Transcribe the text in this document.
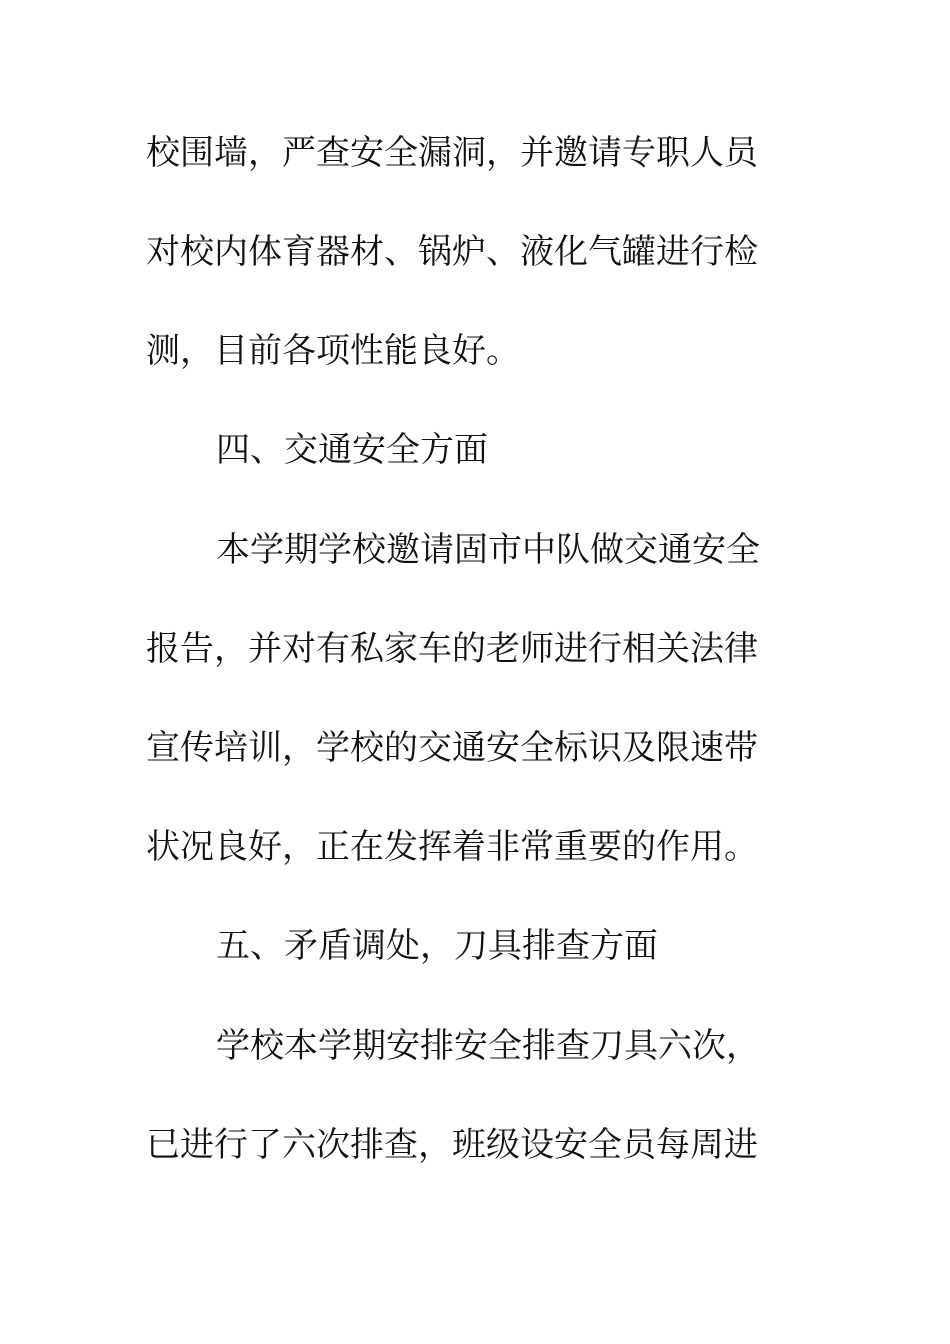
校围墙，严查安全漏洞，并邀请专职人员
对校内体育器材、锅炉、液化气罐进行检
测，目前各项性能良好。
四、交通安全方面
本学期学校邀请固市中队做交通安全
报告，并对有私家车的老师进行相关法律
宣传培训，学校的交通安全标识及限速带
状况良好，正在发挥着非常重要的作用。
五、矛盾调处，刀具排查方面
学校本学期安排安全排查刀具六次，
已进行了六次排查，班级设安全员每周进
